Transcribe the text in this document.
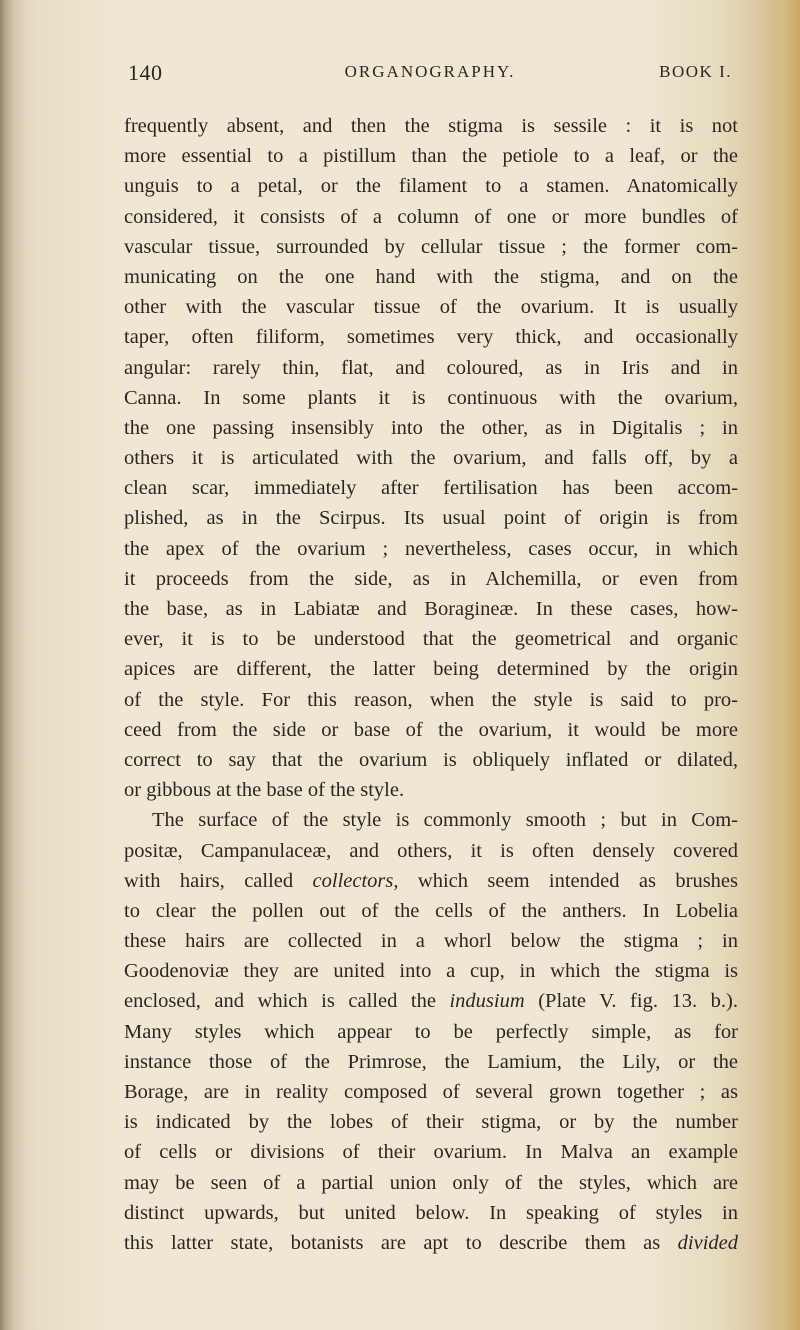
140	ORGANOGRAPHY.	BOOK I.
frequently absent, and then the stigma is sessile : it is not
more essential to a pistillum than the petiole to a leaf, or the
unguis to a petal, or the filament to a stamen. Anatomically
considered, it consists of a column of one or more bundles of
vascular tissue, surrounded by cellular tissue ; the former com-
municating on the one hand with the stigma, and on the
other with the vascular tissue of the ovarium. It is usually
taper, often filiform, sometimes very thick, and occasionally
angular: rarely thin, flat, and coloured, as in Iris and in
Canna. In some plants it is continuous with the ovarium,
the one passing insensibly into the other, as in Digitalis ; in
others it is articulated with the ovarium, and falls off, by a
clean scar, immediately after fertilisation has been accom-
plished, as in the Scirpus. Its usual point of origin is from
the apex of the ovarium ; nevertheless, cases occur, in which
it proceeds from the side, as in Alchemilla, or even from
the base, as in Labiatæ and Boragineæ. In these cases, how-
ever, it is to be understood that the geometrical and organic
apices are different, the latter being determined by the origin
of the style. For this reason, when the style is said to pro-
ceed from the side or base of the ovarium, it would be more
correct to say that the ovarium is obliquely inflated or dilated,
or gibbous at the base of the style.
The surface of the style is commonly smooth ; but in Com-
positæ, Campanulaceæ, and others, it is often densely covered
with hairs, called collectors, which seem intended as brushes
to clear the pollen out of the cells of the anthers. In Lobelia
these hairs are collected in a whorl below the stigma ; in
Goodenoviæ they are united into a cup, in which the stigma is
enclosed, and which is called the indusium (Plate V. fig. 13. b.).
Many styles which appear to be perfectly simple, as for
instance those of the Primrose, the Lamium, the Lily, or the
Borage, are in reality composed of several grown together ; as
is indicated by the lobes of their stigma, or by the number
of cells or divisions of their ovarium. In Malva an example
may be seen of a partial union only of the styles, which are
distinct upwards, but united below. In speaking of styles in
this latter state, botanists are apt to describe them as divided
